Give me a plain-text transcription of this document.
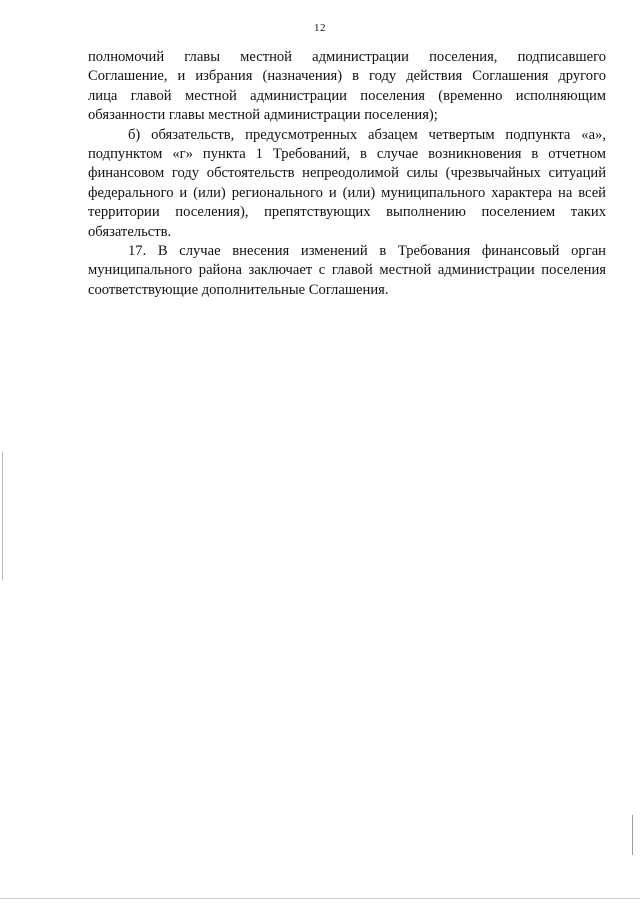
12

полномочий главы местной администрации поселения, подписавшего
Соглашение, и избрания (назначения) в году действия Соглашения другого
лица главой местной администрации поселения (временно исполняющим
обязанности главы местной администрации поселения);

б) обязательств, предусмотренных абзацем четвертым подпункта «а»,
подпунктом «г» пункта 1 Требований, в случае возникновения в отчетном
финансовом году обстоятельств непреодолимой силы (чрезвычайных ситуаций
федерального и (или) регионального и (или) муниципального характера на всей
территории поселения), препятствующих выполнению поселением таких
обязательств.

17. В случае внесения изменений в Требования финансовый орган
муниципального района заключает с главой местной администрации поселения
соответствующие дополнительные Соглашения.
